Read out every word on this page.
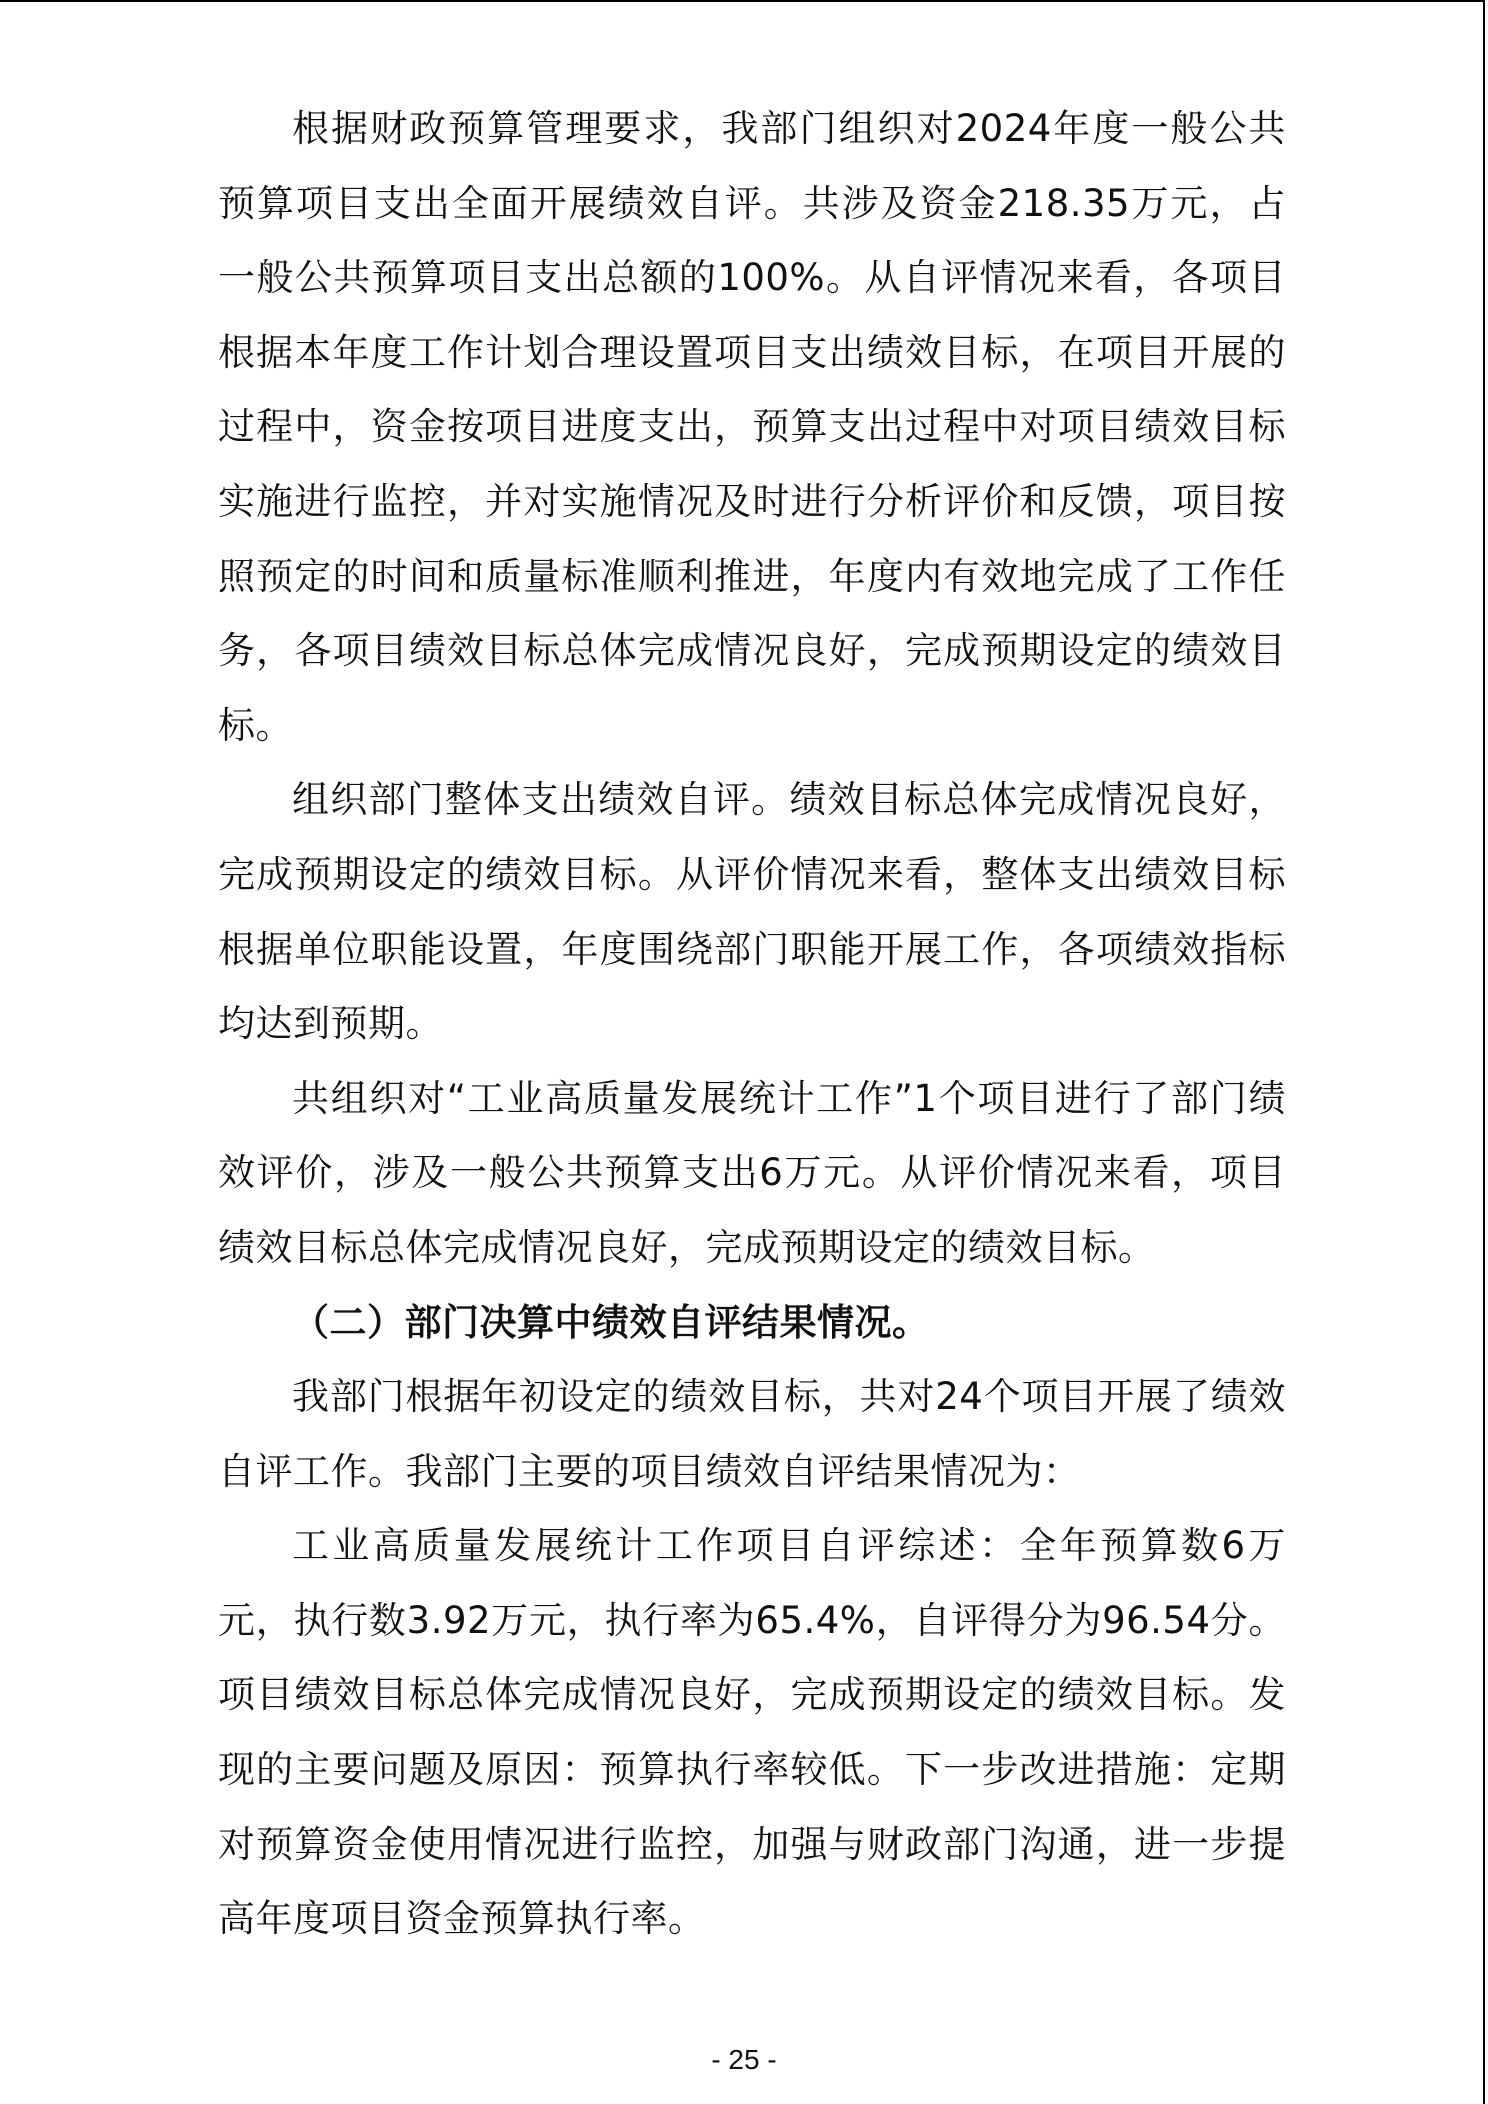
根据财政预算管理要求，我部门组织对2024年度一般公共预算项目支出全面开展绩效自评。共涉及资金218.35万元，占一般公共预算项目支出总额的100%。从自评情况来看，各项目根据本年度工作计划合理设置项目支出绩效目标，在项目开展的过程中，资金按项目进度支出，预算支出过程中对项目绩效目标实施进行监控，并对实施情况及时进行分析评价和反馈，项目按照预定的时间和质量标准顺利推进，年度内有效地完成了工作任务，各项目绩效目标总体完成情况良好，完成预期设定的绩效目标。

组织部门整体支出绩效自评。绩效目标总体完成情况良好，完成预期设定的绩效目标。从评价情况来看，整体支出绩效目标根据单位职能设置，年度围绕部门职能开展工作，各项绩效指标均达到预期。

共组织对“工业高质量发展统计工作”1个项目进行了部门绩效评价，涉及一般公共预算支出6万元。从评价情况来看，项目绩效目标总体完成情况良好，完成预期设定的绩效目标。

（二）部门决算中绩效自评结果情况。

我部门根据年初设定的绩效目标，共对24个项目开展了绩效自评工作。我部门主要的项目绩效自评结果情况为：

工业高质量发展统计工作项目自评综述：全年预算数6万元，执行数3.92万元，执行率为65.4%，自评得分为96.54分。项目绩效目标总体完成情况良好，完成预期设定的绩效目标。发现的主要问题及原因：预算执行率较低。下一步改进措施：定期对预算资金使用情况进行监控，加强与财政部门沟通，进一步提高年度项目资金预算执行率。

- 25 -
